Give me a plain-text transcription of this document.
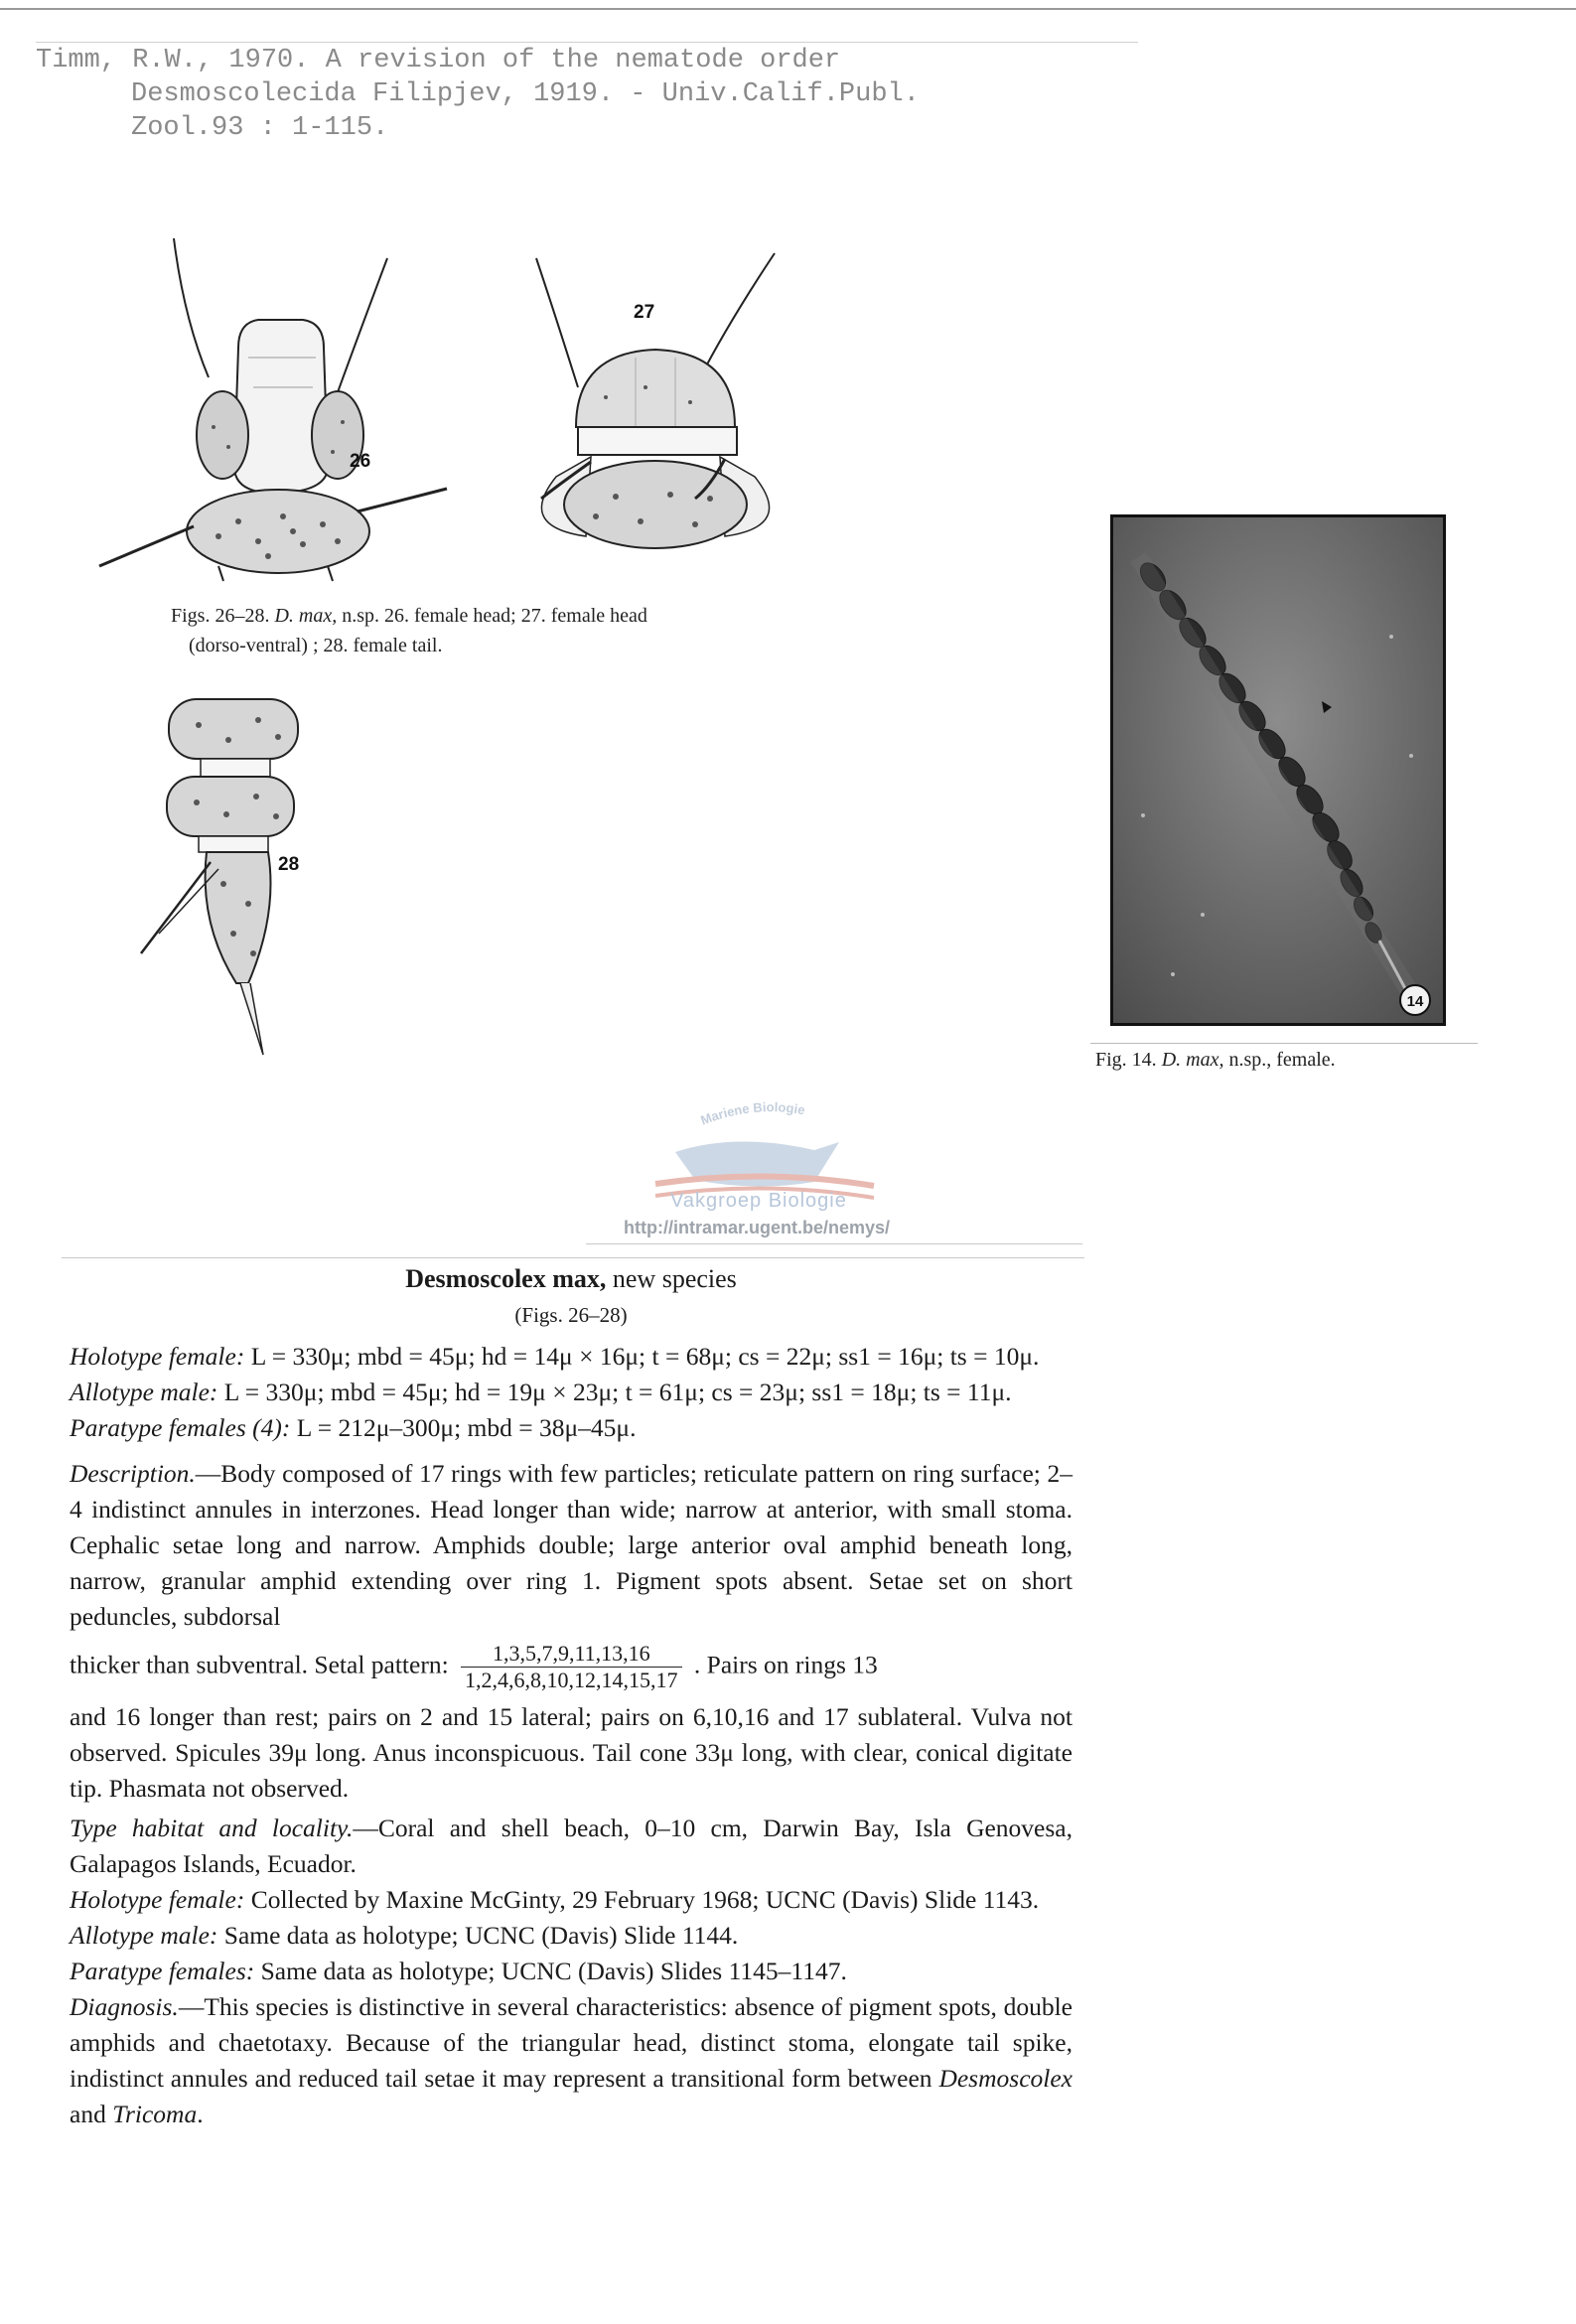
Timm, R.W., 1970. A revision of the nematode order
Desmoscolecida Filipjev, 1919. - Univ.Calif.Publ.
Zool.93 : 1-115.
26
27
Figs. 26–28. D. max, n.sp. 26. female head; 27. female head
(dorso-ventral) ; 28. female tail.
28
14
Fig. 14. D. max, n.sp., female.
Mariene Biologie
Vakgroep Biologie
http://intramar.ugent.be/nemys/
Desmoscolex max, new species
(Figs. 26–28)

Holotype female: L = 330μ; mbd = 45μ; hd = 14μ × 16μ; t = 68μ; cs = 22μ; ss1 = 16μ; ts = 10μ.

Allotype male: L = 330μ; mbd = 45μ; hd = 19μ × 23μ; t = 61μ; cs = 23μ; ss1 = 18μ; ts = 11μ.

Paratype females (4): L = 212μ–300μ; mbd = 38μ–45μ.

Description.—Body composed of 17 rings with few particles; reticulate pattern on ring surface; 2–4 indistinct annules in interzones. Head longer than wide; narrow at anterior, with small stoma. Cephalic setae long and narrow. Amphids double; large anterior oval amphid beneath long, narrow, granular amphid extending over ring 1. Pigment spots absent. Setae set on short peduncles, subdorsal

thicker than subventral. Setal pattern: $\frac{1,3,5,7,9,11,13,16}{1,2,4,6,8,10,12,14,15,17}$ . Pairs on rings 13

and 16 longer than rest; pairs on 2 and 15 lateral; pairs on 6,10,16 and 17 sublateral. Vulva not observed. Spicules 39μ long. Anus inconspicuous. Tail cone 33μ long, with clear, conical digitate tip. Phasmata not observed.

Type habitat and locality.—Coral and shell beach, 0–10 cm, Darwin Bay, Isla Genovesa, Galapagos Islands, Ecuador.

Holotype female: Collected by Maxine McGinty, 29 February 1968; UCNC (Davis) Slide 1143.

Allotype male: Same data as holotype; UCNC (Davis) Slide 1144.

Paratype females: Same data as holotype; UCNC (Davis) Slides 1145–1147.

Diagnosis.—This species is distinctive in several characteristics: absence of pigment spots, double amphids and chaetotaxy. Because of the triangular head, distinct stoma, elongate tail spike, indistinct annules and reduced tail setae it may represent a transitional form between Desmoscolex and Tricoma.
